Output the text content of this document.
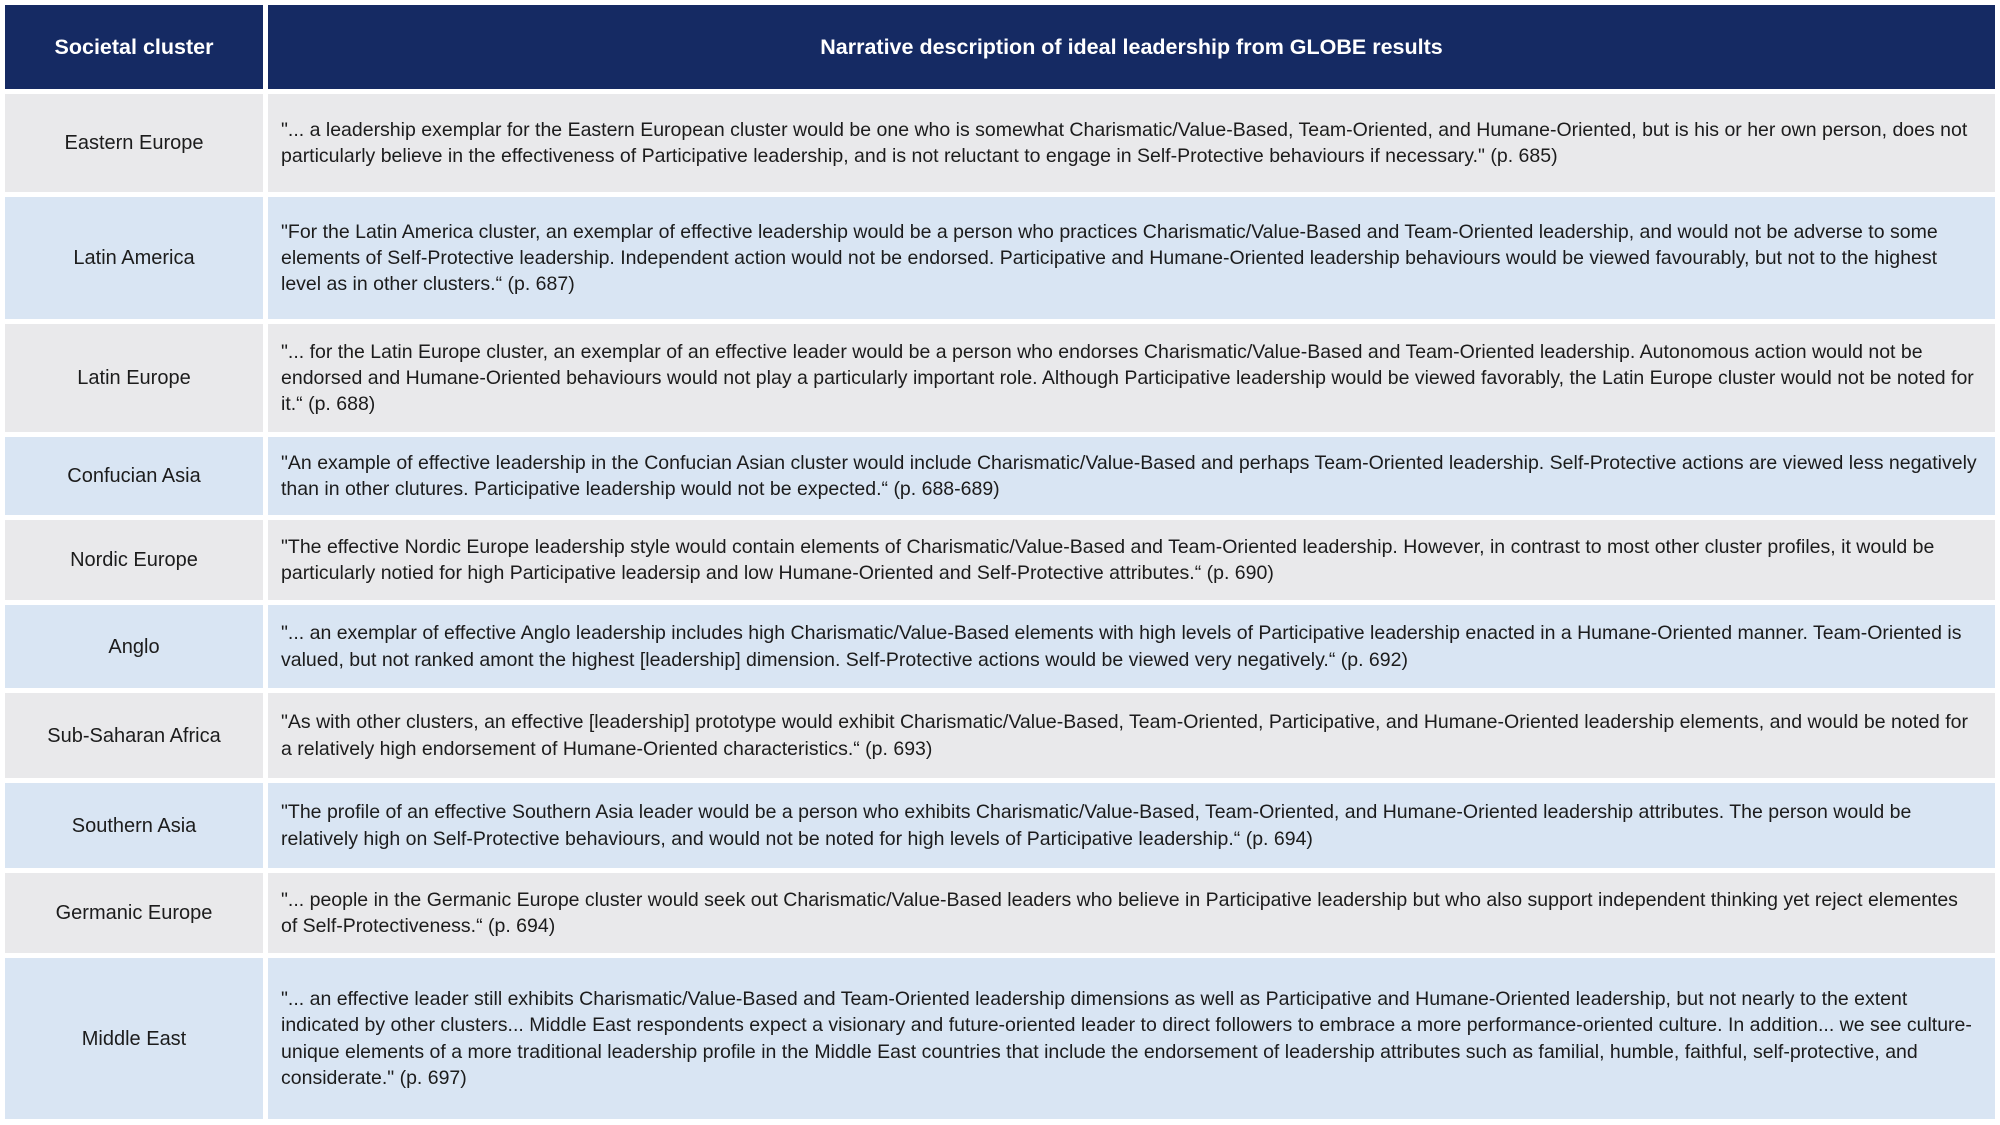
Societal cluster	Narrative description of ideal leadership from GLOBE results
Eastern Europe	"... a leadership exemplar for the Eastern European cluster would be one who is somewhat Charismatic/Value-Based, Team-Oriented, and Humane-Oriented, but is his or her own person, does not particularly believe in the effectiveness of Participative leadership, and is not reluctant to engage in Self-Protective behaviours if necessary." (p. 685)
Latin America	"For the Latin America cluster, an exemplar of effective leadership would be a person who practices Charismatic/Value-Based and Team-Oriented leadership, and would not be adverse to some elements of Self-Protective leadership. Independent action would not be endorsed. Participative and Humane-Oriented leadership behaviours would be viewed favourably, but not to the highest level as in other clusters.“ (p. 687)
Latin Europe	"... for the Latin Europe cluster, an exemplar of an effective leader would be a person who endorses Charismatic/Value-Based and Team-Oriented leadership. Autonomous action would not be endorsed and Humane-Oriented behaviours would not play a particularly important role. Although Participative leadership would be viewed favorably, the Latin Europe cluster would not be noted for it.“ (p. 688)
Confucian Asia	"An example of effective leadership in the Confucian Asian cluster would include Charismatic/Value-Based and perhaps Team-Oriented leadership. Self-Protective actions are viewed less negatively than in other clutures. Participative leadership would not be expected.“ (p. 688-689)
Nordic Europe	"The effective Nordic Europe leadership style would contain elements of Charismatic/Value-Based and Team-Oriented leadership. However, in contrast to most other cluster profiles, it would be particularly notied for high Participative leadersip and low Humane-Oriented and Self-Protective attributes.“ (p. 690)
Anglo	"... an exemplar of effective Anglo leadership includes high Charismatic/Value-Based elements with high levels of Participative leadership enacted in a Humane-Oriented manner. Team-Oriented is valued, but not ranked amont the highest [leadership] dimension. Self-Protective actions would be viewed very negatively.“ (p. 692)
Sub-Saharan Africa	"As with other clusters, an effective [leadership] prototype would exhibit Charismatic/Value-Based, Team-Oriented, Participative, and Humane-Oriented leadership elements, and would be noted for a relatively high endorsement of Humane-Oriented characteristics.“ (p. 693)
Southern Asia	"The profile of an effective Southern Asia leader would be a person who exhibits Charismatic/Value-Based, Team-Oriented, and Humane-Oriented leadership attributes. The person would be relatively high on Self-Protective behaviours, and would not be noted for high levels of Participative leadership.“ (p. 694)
Germanic Europe	"... people in the Germanic Europe cluster would seek out Charismatic/Value-Based leaders who believe in Participative leadership but who also support independent thinking yet reject elementes of Self-Protectiveness.“ (p. 694)
Middle East	"... an effective leader still exhibits Charismatic/Value-Based and Team-Oriented leadership dimensions as well as Participative and Humane-Oriented leadership, but not nearly to the extent indicated by other clusters... Middle East respondents expect a visionary and future-oriented leader to direct followers to embrace a more performance-oriented culture. In addition... we see culture-unique elements of a more traditional leadership profile in the Middle East countries that include the endorsement of leadership attributes such as familial, humble, faithful, self-protective, and considerate." (p. 697)
